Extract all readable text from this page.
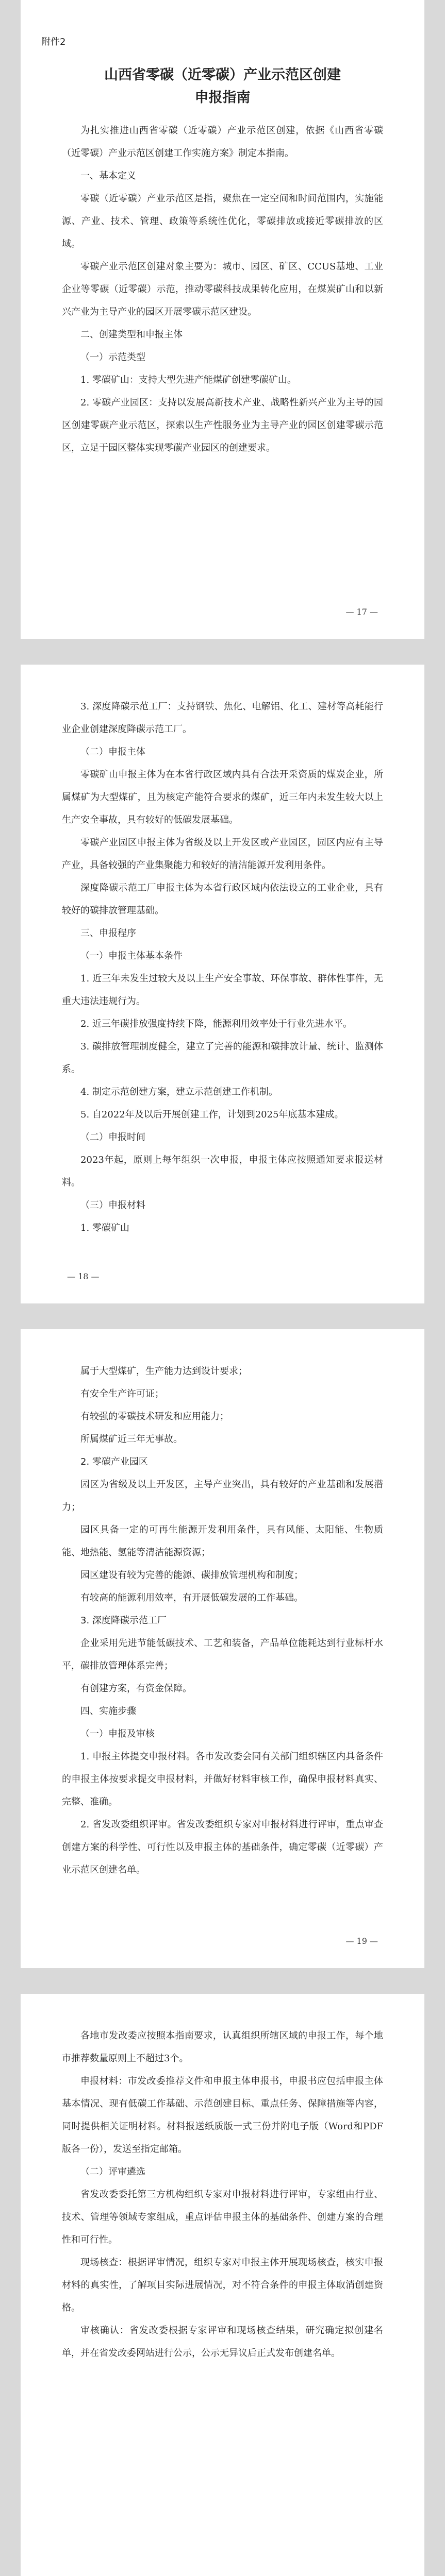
附件2
山西省零碳（近零碳）产业示范区创建
申报指南

为扎实推进山西省零碳（近零碳）产业示范区创建，依据《山西省零碳（近零碳）产业示范区创建工作实施方案》制定本指南。

一、基本定义

零碳（近零碳）产业示范区是指，聚焦在一定空间和时间范围内，实施能源、产业、技术、管理、政策等系统性优化，零碳排放或接近零碳排放的区域。

零碳产业示范区创建对象主要为：城市、园区、矿区、CCUS基地、工业企业等零碳（近零碳）示范，推动零碳科技成果转化应用，在煤炭矿山和以新兴产业为主导产业的园区开展零碳示范区建设。

二、创建类型和申报主体

（一）示范类型

1. 零碳矿山：支持大型先进产能煤矿创建零碳矿山。

2. 零碳产业园区：支持以发展高新技术产业、战略性新兴产业为主导的园区创建零碳产业示范区，探索以生产性服务业为主导产业的园区创建零碳示范区，立足于园区整体实现零碳产业园区的创建要求。

— 17 —

3. 深度降碳示范工厂：支持钢铁、焦化、电解铝、化工、建材等高耗能行业企业创建深度降碳示范工厂。

（二）申报主体

零碳矿山申报主体为在本省行政区域内具有合法开采资质的煤炭企业，所属煤矿为大型煤矿，且为核定产能符合要求的煤矿，近三年内未发生较大以上生产安全事故，具有较好的低碳发展基础。

零碳产业园区申报主体为省级及以上开发区或产业园区，园区内应有主导产业，具备较强的产业集聚能力和较好的清洁能源开发利用条件。

深度降碳示范工厂申报主体为本省行政区域内依法设立的工业企业，具有较好的碳排放管理基础。

三、申报程序

（一）申报主体基本条件

1. 近三年未发生过较大及以上生产安全事故、环保事故、群体性事件，无重大违法违规行为。

2. 近三年碳排放强度持续下降，能源利用效率处于行业先进水平。

3. 碳排放管理制度健全，建立了完善的能源和碳排放计量、统计、监测体系。

4. 制定示范创建方案，建立示范创建工作机制。

5. 自2022年及以后开展创建工作，计划到2025年底基本建成。

（二）申报时间

2023年起，原则上每年组织一次申报，申报主体应按照通知要求报送材料。

（三）申报材料

1. 零碳矿山

— 18 —

属于大型煤矿，生产能力达到设计要求；

有安全生产许可证；

有较强的零碳技术研发和应用能力；

所属煤矿近三年无事故。

2. 零碳产业园区

园区为省级及以上开发区，主导产业突出，具有较好的产业基础和发展潜力；

园区具备一定的可再生能源开发利用条件，具有风能、太阳能、生物质能、地热能、氢能等清洁能源资源；

园区建设有较为完善的能源、碳排放管理机构和制度；

有较高的能源利用效率，有开展低碳发展的工作基础。

3. 深度降碳示范工厂

企业采用先进节能低碳技术、工艺和装备，产品单位能耗达到行业标杆水平，碳排放管理体系完善；

有创建方案，有资金保障。

四、实施步骤

（一）申报及审核

1. 申报主体提交申报材料。各市发改委会同有关部门组织辖区内具备条件的申报主体按要求提交申报材料，并做好材料审核工作，确保申报材料真实、完整、准确。

2. 省发改委组织评审。省发改委组织专家对申报材料进行评审，重点审查创建方案的科学性、可行性以及申报主体的基础条件，确定零碳（近零碳）产业示范区创建名单。

— 19 —

各地市发改委应按照本指南要求，认真组织所辖区域的申报工作，每个地市推荐数量原则上不超过3个。

申报材料：市发改委推荐文件和申报主体申报书，申报书应包括申报主体基本情况、现有低碳工作基础、示范创建目标、重点任务、保障措施等内容，同时提供相关证明材料。材料报送纸质版一式三份并附电子版（Word和PDF版各一份），发送至指定邮箱。

（二）评审遴选

省发改委委托第三方机构组织专家对申报材料进行评审，专家组由行业、技术、管理等领域专家组成，重点评估申报主体的基础条件、创建方案的合理性和可行性。

现场核查：根据评审情况，组织专家对申报主体开展现场核查，核实申报材料的真实性，了解项目实际进展情况，对不符合条件的申报主体取消创建资格。

审核确认：省发改委根据专家评审和现场核查结果，研究确定拟创建名单，并在省发改委网站进行公示，公示无异议后正式发布创建名单。
